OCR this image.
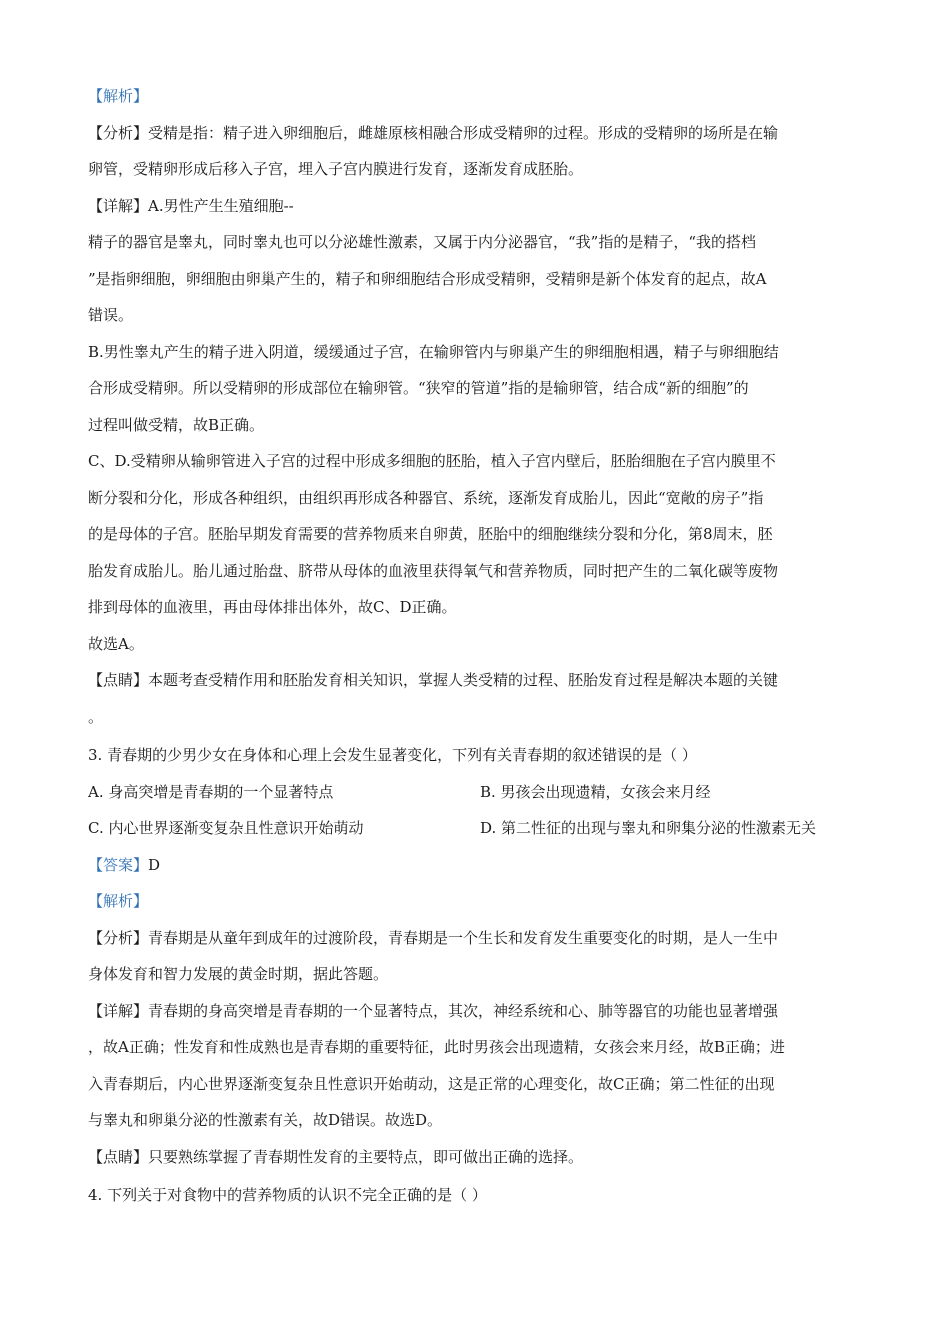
【解析】
【分析】受精是指：精子进入卵细胞后，雌雄原核相融合形成受精卵的过程。形成的受精卵的场所是在输
卵管，受精卵形成后移入子宫，埋入子宫内膜进行发育，逐渐发育成胚胎。
【详解】A.男性产生生殖细胞--
精子的器官是睾丸，同时睾丸也可以分泌雄性激素，又属于内分泌器官，“我”指的是精子，“我的搭档
”是指卵细胞，卵细胞由卵巢产生的，精子和卵细胞结合形成受精卵，受精卵是新个体发育的起点，故A
错误。
B.男性睾丸产生的精子进入阴道，缓缓通过子宫，在输卵管内与卵巢产生的卵细胞相遇，精子与卵细胞结
合形成受精卵。所以受精卵的形成部位在输卵管。“狭窄的管道”指的是输卵管，结合成“新的细胞”的
过程叫做受精，故B正确。
C、D.受精卵从输卵管进入子宫的过程中形成多细胞的胚胎，植入子宫内壁后，胚胎细胞在子宫内膜里不
断分裂和分化，形成各种组织，由组织再形成各种器官、系统，逐渐发育成胎儿，因此“宽敞的房子”指
的是母体的子宫。胚胎早期发育需要的营养物质来自卵黄，胚胎中的细胞继续分裂和分化，第8周末，胚
胎发育成胎儿。胎儿通过胎盘、脐带从母体的血液里获得氧气和营养物质，同时把产生的二氧化碳等废物
排到母体的血液里，再由母体排出体外，故C、D正确。
故选A。
【点睛】本题考查受精作用和胚胎发育相关知识，掌握人类受精的过程、胚胎发育过程是解决本题的关键
。
3. 青春期的少男少女在身体和心理上会发生显著变化，下列有关青春期的叙述错误的是（ ）
A. 身高突增是青春期的一个显著特点	B. 男孩会出现遗精，女孩会来月经
C. 内心世界逐渐变复杂且性意识开始萌动	D. 第二性征的出现与睾丸和卵集分泌的性激素无关
【答案】D
【解析】
【分析】青春期是从童年到成年的过渡阶段，青春期是一个生长和发育发生重要变化的时期，是人一生中
身体发育和智力发展的黄金时期，据此答题。
【详解】青春期的身高突增是青春期的一个显著特点，其次，神经系统和心、肺等器官的功能也显著增强
，故A正确；性发育和性成熟也是青春期的重要特征，此时男孩会出现遗精，女孩会来月经，故B正确；进
入青春期后，内心世界逐渐变复杂且性意识开始萌动，这是正常的心理变化，故C正确；第二性征的出现
与睾丸和卵巢分泌的性激素有关，故D错误。故选D。
【点睛】只要熟练掌握了青春期性发育的主要特点，即可做出正确的选择。
4. 下列关于对食物中的营养物质的认识不完全正确的是（ ）
